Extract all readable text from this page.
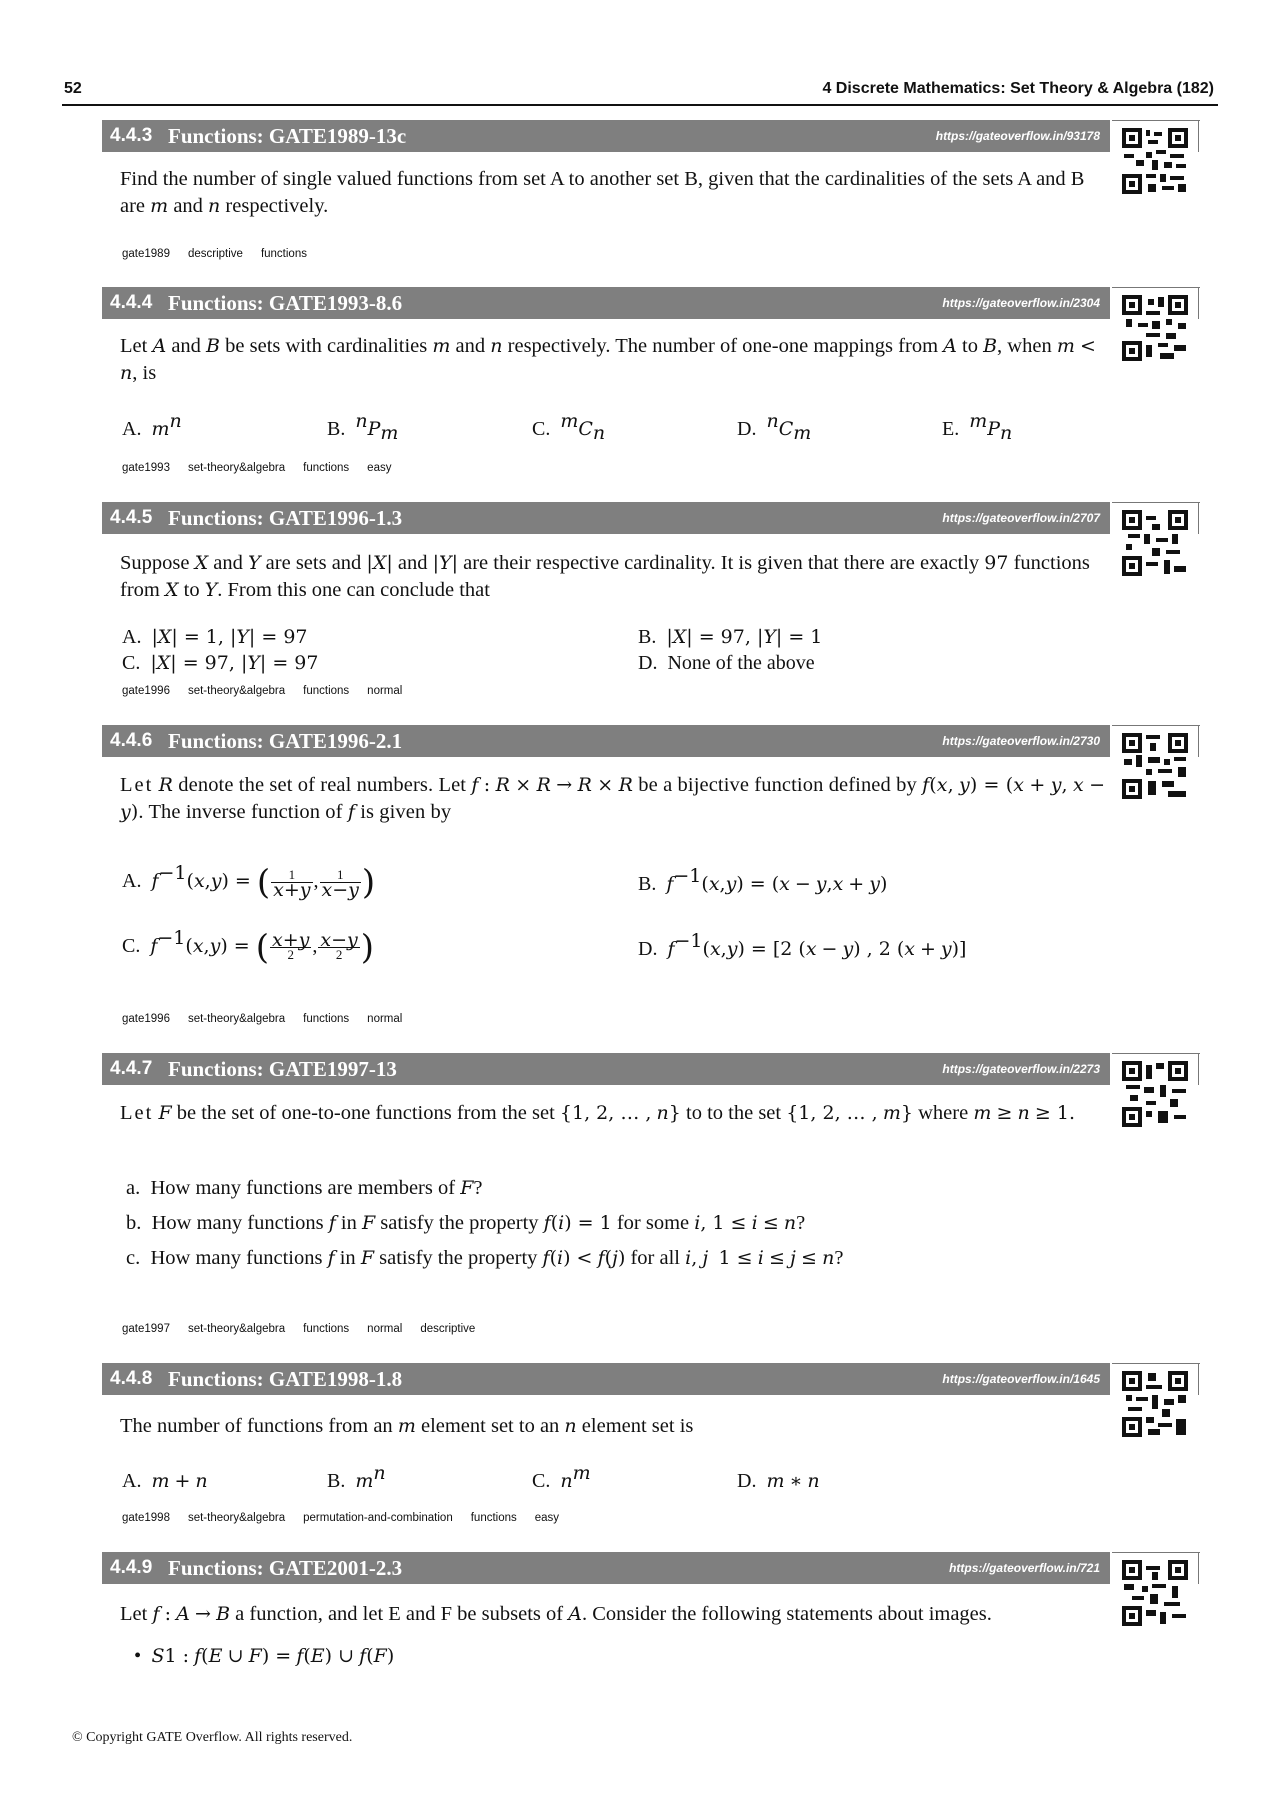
52	4 Discrete Mathematics: Set Theory & Algebra (182)
4.4.3 Functions: GATE1989-13c	https://gateoverflow.in/93178
Find the number of single valued functions from set A to another set B, given that the cardinalities of the sets A and B are m and n respectively.
gate1989 descriptive functions
4.4.4 Functions: GATE1993-8.6	https://gateoverflow.in/2304
Let A and B be sets with cardinalities m and n respectively. The number of one-one mappings from A to B, when m < n, is
A. $m^n$	B. $^nP_m$	C. $^mC_n$	D. $^nC_m$	E. $^mP_n$
gate1993 set-theory&algebra functions easy
4.4.5 Functions: GATE1996-1.3	https://gateoverflow.in/2707
Suppose X and Y are sets and |X| and |Y| are their respective cardinality. It is given that there are exactly 97 functions from X to Y. From this one can conclude that
A. |X| = 1, |Y| = 97	B. |X| = 97, |Y| = 1
C. |X| = 97, |Y| = 97	D. None of the above
gate1996 set-theory&algebra functions normal
4.4.6 Functions: GATE1996-2.1	https://gateoverflow.in/2730
Let R denote the set of real numbers. Let f : R × R → R × R be a bijective function defined by f(x, y) = (x + y, x − y). The inverse function of f is given by
A. $f^{-1}(x,y)$ = ( $\frac{1}{x+y}$ , $\frac{1}{x-y}$ )	B. $f^{-1}(x,y) = (x - y,x + y)$
C. $f^{-1}(x,y)$ = ( $\frac{x+y}{2}$ , $\frac{x-y}{2}$ )	D. $f^{-1}(x,y) = [2$ (x − y) , 2 (x + y)]
gate1996 set-theory&algebra functions normal
4.4.7 Functions: GATE1997-13	https://gateoverflow.in/2273
Let F be the set of one-to-one functions from the set {1, 2, … , n} to to the set {1, 2, … , m} where m ≥ n ≥ 1.
a. How many functions are members of F?
b. How many functions f in F satisfy the property f(i) = 1 for some i, 1 ≤ i ≤ n?
c. How many functions f in F satisfy the property f(i) < f(j) for all i, j 1 ≤ i ≤ j ≤ n?
gate1997 set-theory&algebra functions normal descriptive
4.4.8 Functions: GATE1998-1.8	https://gateoverflow.in/1645
The number of functions from an m element set to an n element set is
A. m + n	B. $m^n$	C. $n^m$	D. m ∗ n
gate1998 set-theory&algebra permutation-and-combination functions easy
4.4.9 Functions: GATE2001-2.3	https://gateoverflow.in/721
Let f : A → B a function, and let E and F be subsets of A. Consider the following statements about images.
•  S1 : f(E ∪ F) = f(E) ∪ f(F)
© Copyright GATE Overflow. All rights reserved.
